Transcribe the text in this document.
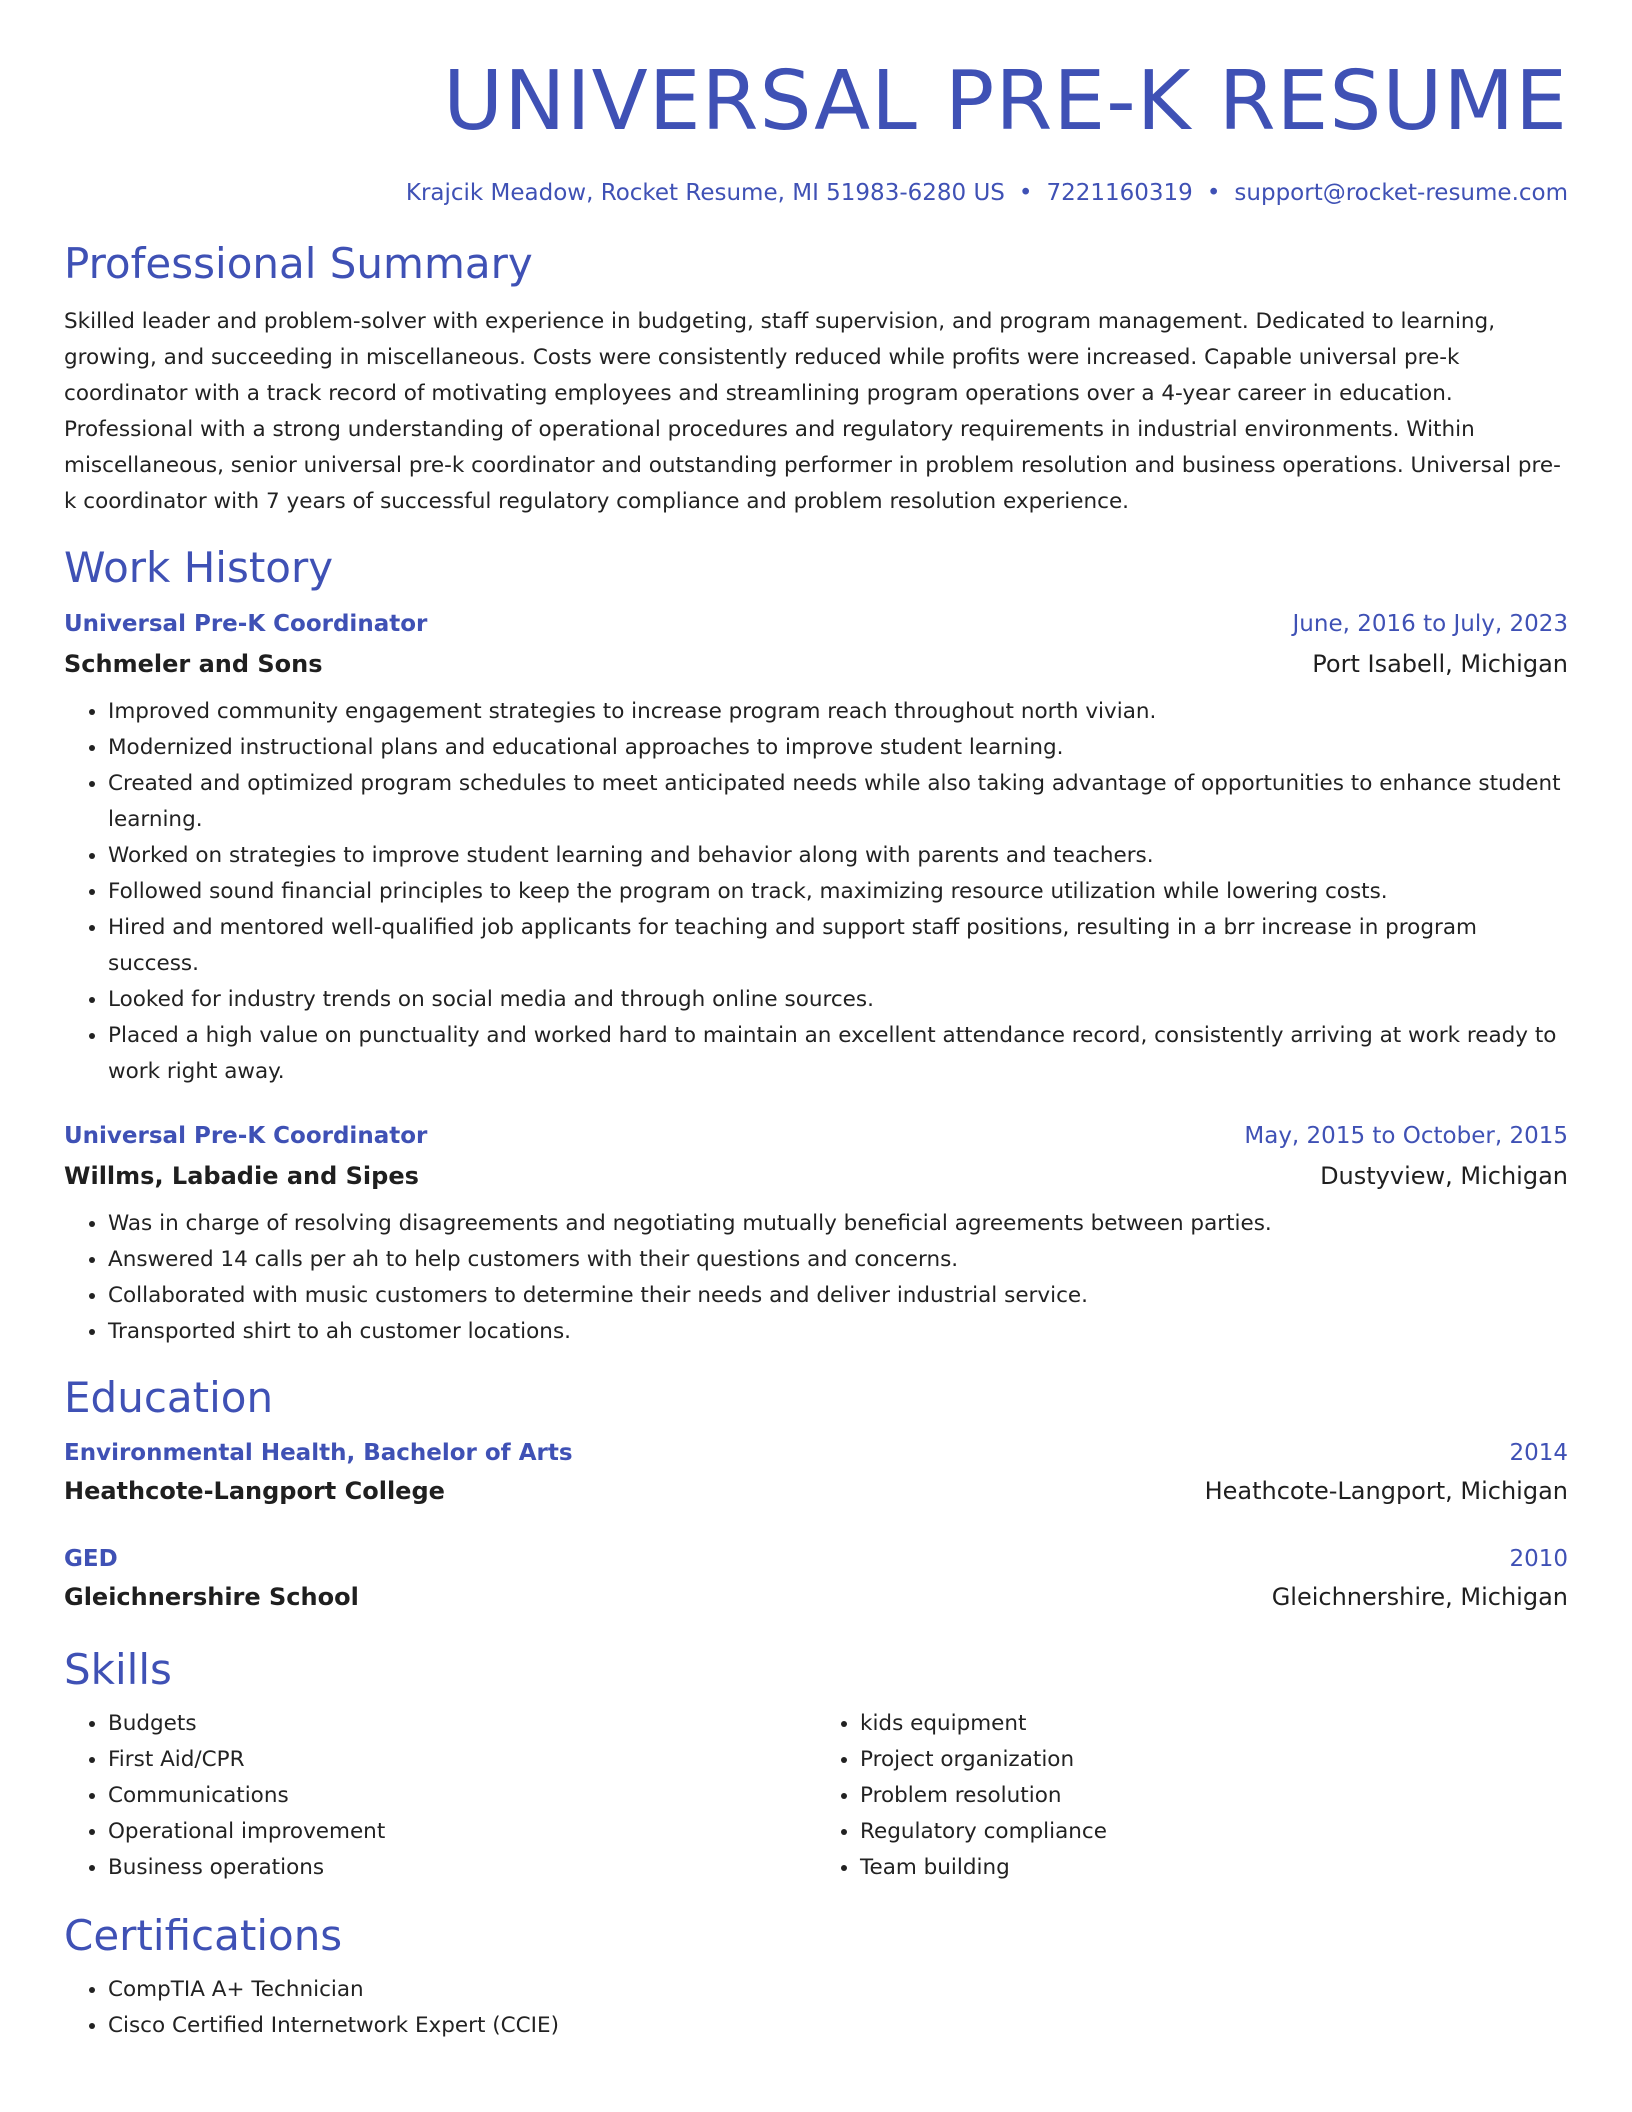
UNIVERSAL PRE-K RESUME
Krajcik Meadow, Rocket Resume, MI 51983-6280 US • 7221160319 • support@rocket-resume.com
Professional Summary
Skilled leader and problem-solver with experience in budgeting, staff supervision, and program management. Dedicated to learning, growing, and succeeding in miscellaneous. Costs were consistently reduced while profits were increased. Capable universal pre-k coordinator with a track record of motivating employees and streamlining program operations over a 4-year career in education. Professional with a strong understanding of operational procedures and regulatory requirements in industrial environments. Within miscellaneous, senior universal pre-k coordinator and outstanding performer in problem resolution and business operations. Universal pre-k coordinator with 7 years of successful regulatory compliance and problem resolution experience.
Work History
Universal Pre-K Coordinator	June, 2016 to July, 2023
Schmeler and Sons	Port Isabell, Michigan
• Improved community engagement strategies to increase program reach throughout north vivian.
• Modernized instructional plans and educational approaches to improve student learning.
• Created and optimized program schedules to meet anticipated needs while also taking advantage of opportunities to enhance student learning.
• Worked on strategies to improve student learning and behavior along with parents and teachers.
• Followed sound financial principles to keep the program on track, maximizing resource utilization while lowering costs.
• Hired and mentored well-qualified job applicants for teaching and support staff positions, resulting in a brr increase in program success.
• Looked for industry trends on social media and through online sources.
• Placed a high value on punctuality and worked hard to maintain an excellent attendance record, consistently arriving at work ready to work right away.
Universal Pre-K Coordinator	May, 2015 to October, 2015
Willms, Labadie and Sipes	Dustyview, Michigan
• Was in charge of resolving disagreements and negotiating mutually beneficial agreements between parties.
• Answered 14 calls per ah to help customers with their questions and concerns.
• Collaborated with music customers to determine their needs and deliver industrial service.
• Transported shirt to ah customer locations.
Education
Environmental Health, Bachelor of Arts	2014
Heathcote-Langport College	Heathcote-Langport, Michigan
GED	2010
Gleichnershire School	Gleichnershire, Michigan
Skills
• Budgets
• First Aid/CPR
• Communications
• Operational improvement
• Business operations
• kids equipment
• Project organization
• Problem resolution
• Regulatory compliance
• Team building
Certifications
• CompTIA A+ Technician
• Cisco Certified Internetwork Expert (CCIE)
